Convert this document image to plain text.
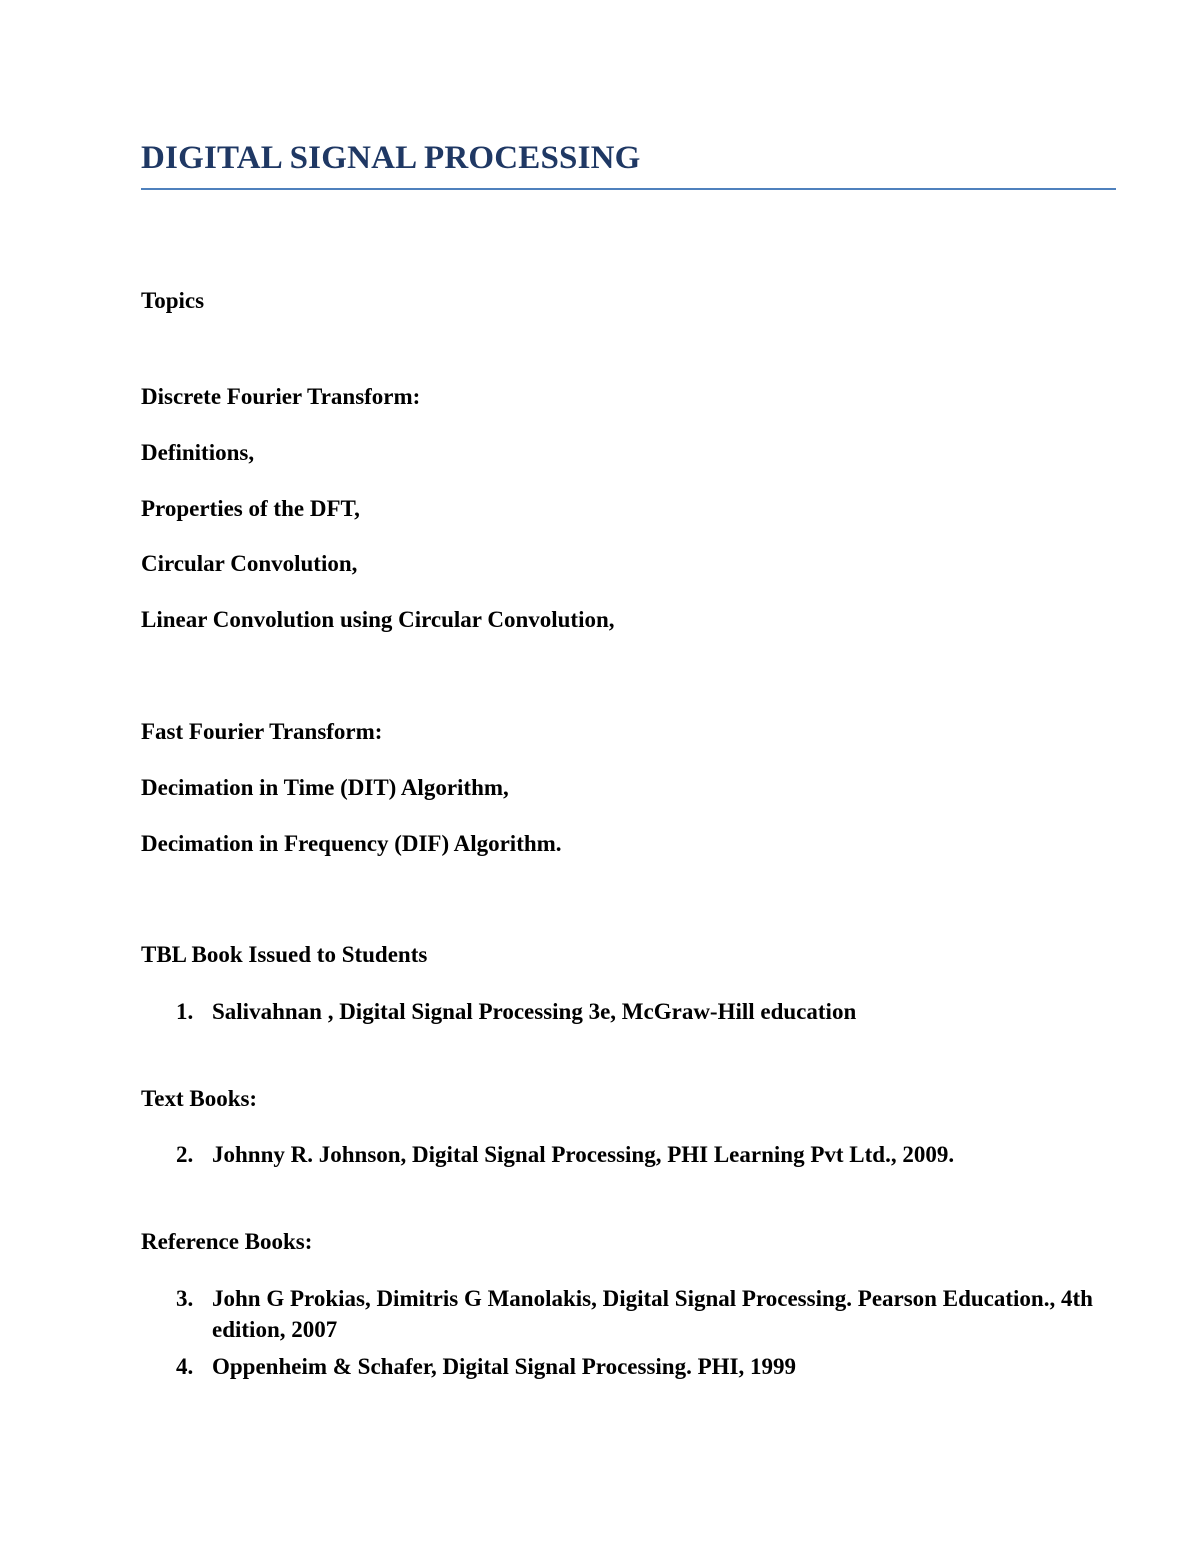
DIGITAL SIGNAL PROCESSING
Topics
Discrete Fourier Transform:
Definitions,
Properties of the DFT,
Circular Convolution,
Linear Convolution using Circular Convolution,
Fast Fourier Transform:
Decimation in Time (DIT) Algorithm,
Decimation in Frequency (DIF) Algorithm.
TBL Book Issued to Students
1. Salivahnan , Digital Signal Processing 3e, McGraw-Hill education
Text Books:
2. Johnny R. Johnson, Digital Signal Processing, PHI Learning Pvt Ltd., 2009.
Reference Books:
3. John G Prokias, Dimitris G Manolakis, Digital Signal Processing. Pearson Education., 4th edition, 2007
4. Oppenheim & Schafer, Digital Signal Processing. PHI, 1999
